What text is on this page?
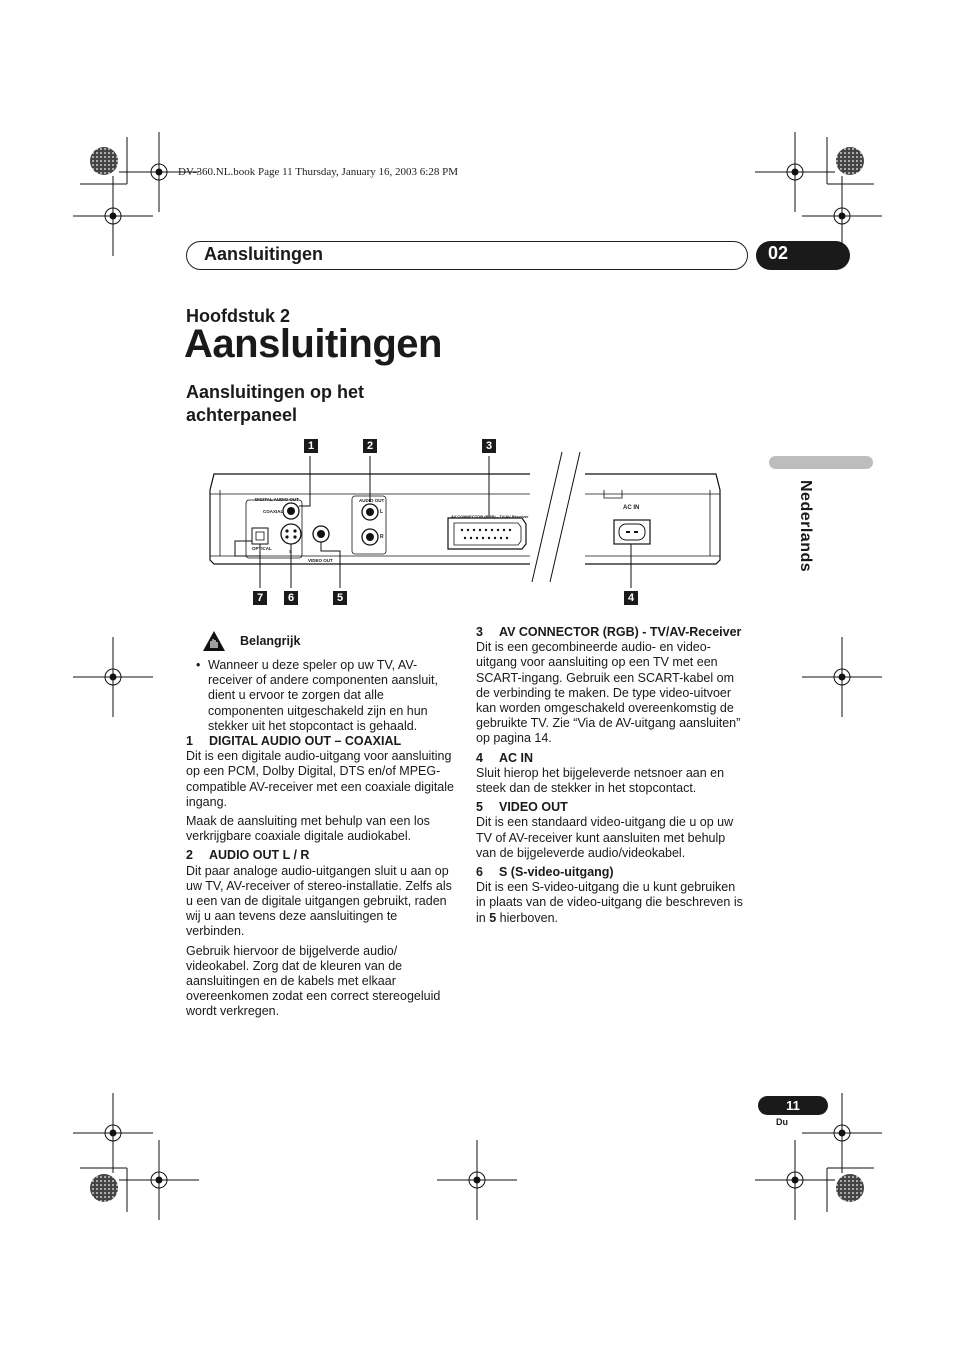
DV-360.NL.book Page 11 Thursday, January 16, 2003 6:28 PM
Aansluitingen	02
Hoofdstuk 2
Aansluitingen
Aansluitingen op het achterpaneel
Nederlands
1	2	3
7	6	5	4
DIGITAL AUDIO OUT
COAXIAL
OPTICAL
S
VIDEO OUT
AUDIO OUT
L
R
AV CONNECTOR (RGB) - TV/AV Receiver
AC IN
Belangrijk

• Wanneer u deze speler op uw TV, AV-receiver of andere componenten aansluit, dient u ervoor te zorgen dat alle componenten uitgeschakeld zijn en hun stekker uit het stopcontact is gehaald.

1 DIGITAL AUDIO OUT – COAXIAL

Dit is een digitale audio-uitgang voor aansluiting op een PCM, Dolby Digital, DTS en/of MPEG-compatible AV-receiver met een coaxiale digitale ingang.

Maak de aansluiting met behulp van een los verkrijgbare coaxiale digitale audiokabel.

2 AUDIO OUT L / R

Dit paar analoge audio-uitgangen sluit u aan op uw TV, AV-receiver of stereo-installatie. Zelfs als u een van de digitale uitgangen gebruikt, raden wij u aan tevens deze aansluitingen te verbinden.

Gebruik hiervoor de bijgelverde audio/ videokabel. Zorg dat de kleuren van de aansluitingen en de kabels met elkaar overeenkomen zodat een correct stereogeluid wordt verkregen.

3 AV CONNECTOR (RGB) - TV/AV-Receiver

Dit is een gecombineerde audio- en video-uitgang voor aansluiting op een TV met een SCART-ingang. Gebruik een SCART-kabel om de verbinding te maken. De type video-uitvoer kan worden omgeschakeld overeenkomstig de gebruikte TV. Zie “Via de AV-uitgang aansluiten” op pagina 14.

4 AC IN

Sluit hierop het bijgeleverde netsnoer aan en steek dan de stekker in het stopcontact.

5 VIDEO OUT

Dit is een standaard video-uitgang die u op uw TV of AV-receiver kunt aansluiten met behulp van de bijgeleverde audio/videokabel.

6 S (S-video-uitgang)

Dit is een S-video-uitgang die u kunt gebruiken in plaats van de video-uitgang die beschreven is in 5 hierboven.

11
Du
